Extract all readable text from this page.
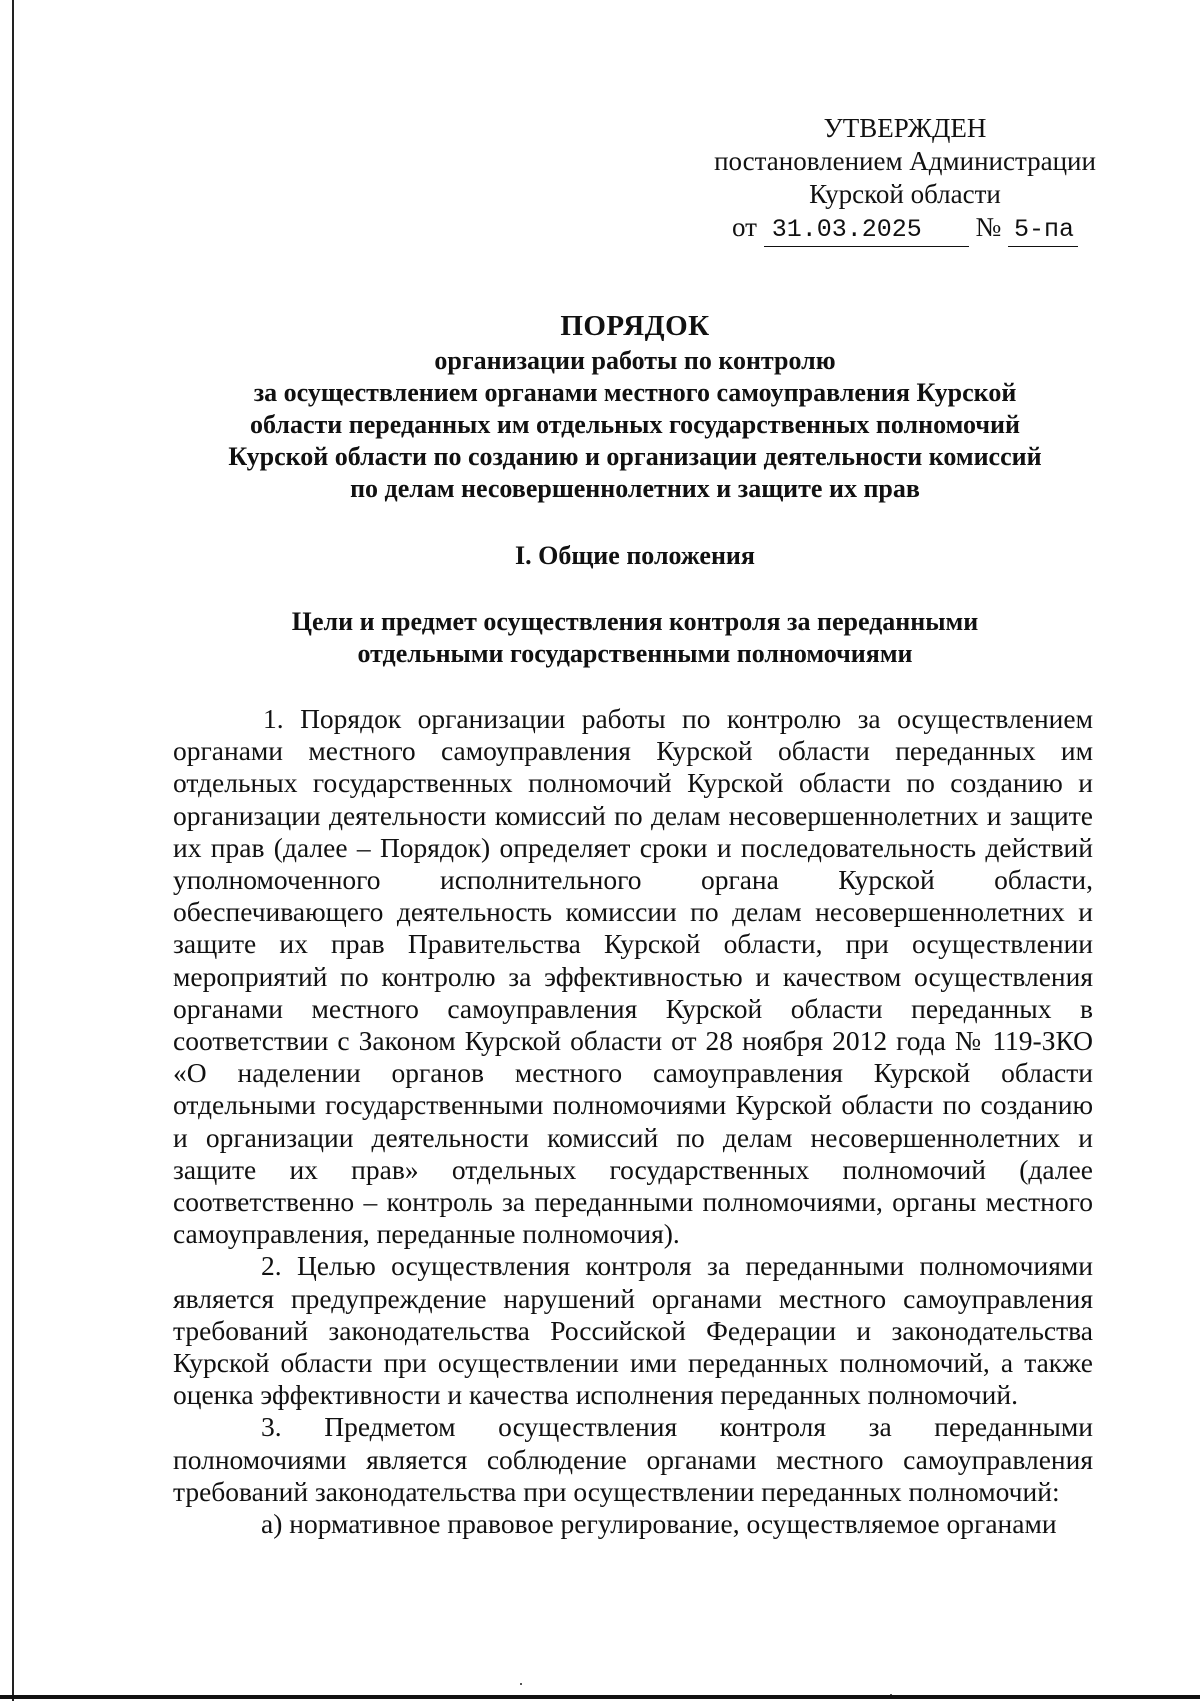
УТВЕРЖДЕН
постановлением Администрации
Курской области
от 31.03.2025 № 5-па
ПОРЯДОК
организации работы по контролю
за осуществлением органами местного самоуправления Курской
области переданных им отдельных государственных полномочий
Курской области по созданию и организации деятельности комиссий
по делам несовершеннолетних и защите их прав
I. Общие положения
Цели и предмет осуществления контроля за переданными
отдельными государственными полномочиями

1. Порядок организации работы по контролю за осуществлением органами местного самоуправления Курской области переданных им отдельных государственных полномочий Курской области по созданию и организации деятельности комиссий по делам несовершеннолетних и защите их прав (далее – Порядок) определяет сроки и последовательность действий уполномоченного исполнительного органа Курской области, обеспечивающего деятельность комиссии по делам несовершеннолетних и защите их прав Правительства Курской области, при осуществлении мероприятий по контролю за эффективностью и качеством осуществления органами местного самоуправления Курской области переданных в соответствии с Законом Курской области от 28 ноября 2012 года № 119-ЗКО «О наделении органов местного самоуправления Курской области отдельными государственными полномочиями Курской области по созданию и организации деятельности комиссий по делам несовершеннолетних и защите их прав» отдельных государственных полномочий (далее соответственно – контроль за переданными полномочиями, органы местного самоуправления, переданные полномочия).

2. Целью осуществления контроля за переданными полномочиями является предупреждение нарушений органами местного самоуправления требований законодательства Российской Федерации и законодательства Курской области при осуществлении ими переданных полномочий, а также оценка эффективности и качества исполнения переданных полномочий.

3. Предметом осуществления контроля за переданными полномочиями является соблюдение органами местного самоуправления требований законодательства при осуществлении переданных полномочий:

а) нормативное правовое регулирование, осуществляемое органами
